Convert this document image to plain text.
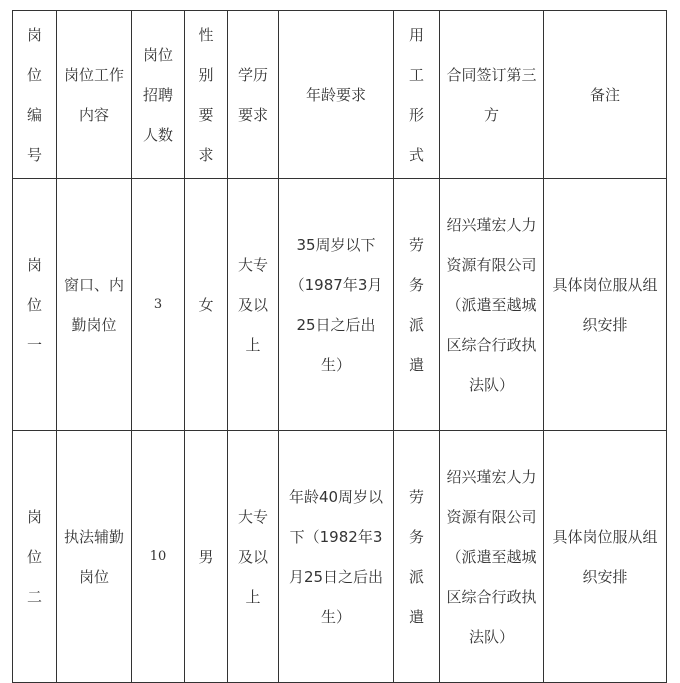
岗位编号	岗位工作内容	岗位招聘人数	性别要求	学历要求	年龄要求	用工形式	合同签订第三方	备注

岗位一	窗口、内勤岗位	3	女	大专及以上	35周岁以下（1987年3月25日之后出生）	劳务派遣	绍兴瑾宏人力资源有限公司（派遣至越城区综合行政执法队）	具体岗位服从组织安排

岗位二	执法辅勤岗位	10	男	大专及以上	年龄40周岁以下（1982年3月25日之后出生）	劳务派遣	绍兴瑾宏人力资源有限公司（派遣至越城区综合行政执法队）	具体岗位服从组织安排
